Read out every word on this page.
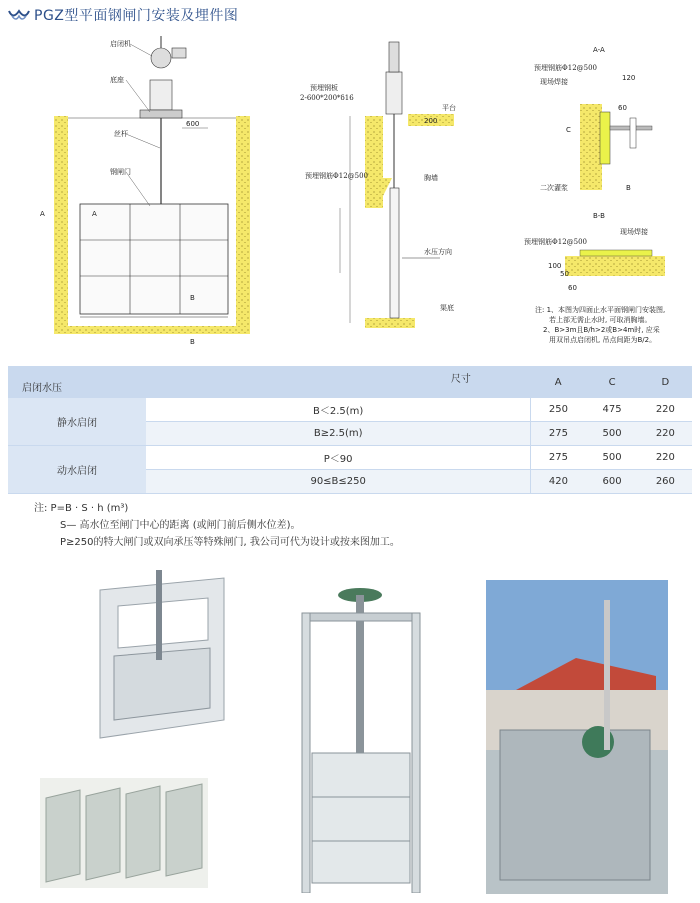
PGZ型平面钢闸门安装及埋件图
启闭机
底座
丝杆
钢闸门
600
A	A
B
B
预埋钢板
2-600*200*δ16
平台
200
预埋钢筋Φ12@500	胸墙
水压方向
渠底
A-A
预埋钢筋Φ12@500
现场焊接	120
60
C
二次灌浆	B
B-B
预埋钢筋Φ12@500
现场焊接
100
50
60
注: 1、本图为四面止水平面钢闸门安装图,
若上部无需止水时, 可取消胸墙。
2、B>3m且B/h>2或B>4m时, 应采
用双吊点启闭机, 吊点间距为B/2。
尺寸
启闭水压		A	C	D
静水启闭	B＜2.5(m)	250	475	220
	B≥2.5(m)	275	500	220
动水启闭	P＜90	275	500	220
	90≤B≤250	420	600	260
注: P=B · S · h (m³)
S— 高水位至闸门中心的距离 (或闸门前后侧水位差)。
P≥250的特大闸门或双向承压等特殊闸门, 我公司可代为设计或按来图加工。
